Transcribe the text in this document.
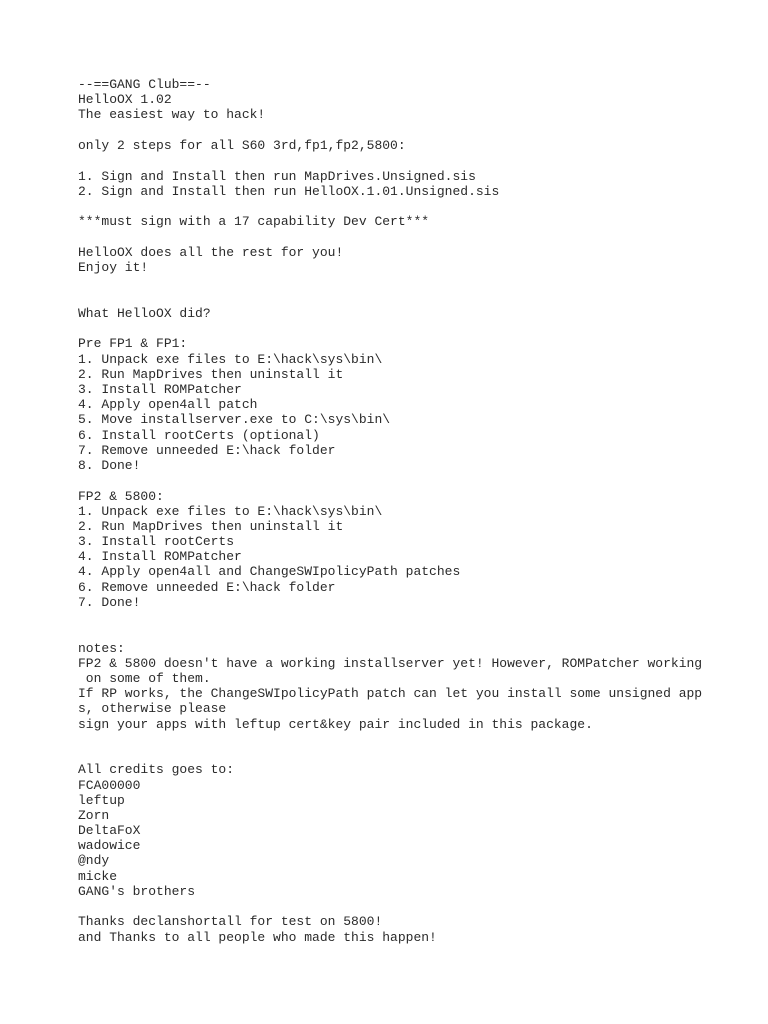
--==GANG Club==--
HelloOX 1.02
The easiest way to hack!
only 2 steps for all S60 3rd,fp1,fp2,5800:
1. Sign and Install then run MapDrives.Unsigned.sis
2. Sign and Install then run HelloOX.1.01.Unsigned.sis
***must sign with a 17 capability Dev Cert***
HelloOX does all the rest for you!
Enjoy it!
What HelloOX did?
Pre FP1 & FP1:
1. Unpack exe files to E:\hack\sys\bin\
2. Run MapDrives then uninstall it
3. Install ROMPatcher
4. Apply open4all patch
5. Move installserver.exe to C:\sys\bin\
6. Install rootCerts (optional)
7. Remove unneeded E:\hack folder
8. Done!
FP2 & 5800:
1. Unpack exe files to E:\hack\sys\bin\
2. Run MapDrives then uninstall it
3. Install rootCerts
4. Install ROMPatcher
4. Apply open4all and ChangeSWIpolicyPath patches
6. Remove unneeded E:\hack folder
7. Done!
notes:
FP2 & 5800 doesn't have a working installserver yet! However, ROMPatcher working
on some of them.
If RP works, the ChangeSWIpolicyPath patch can let you install some unsigned app
s, otherwise please
sign your apps with leftup cert&key pair included in this package.
All credits goes to:
FCA00000
leftup
Zorn
DeltaFoX
wadowice
@ndy
micke
GANG's brothers
Thanks declanshortall for test on 5800!
and Thanks to all people who made this happen!
